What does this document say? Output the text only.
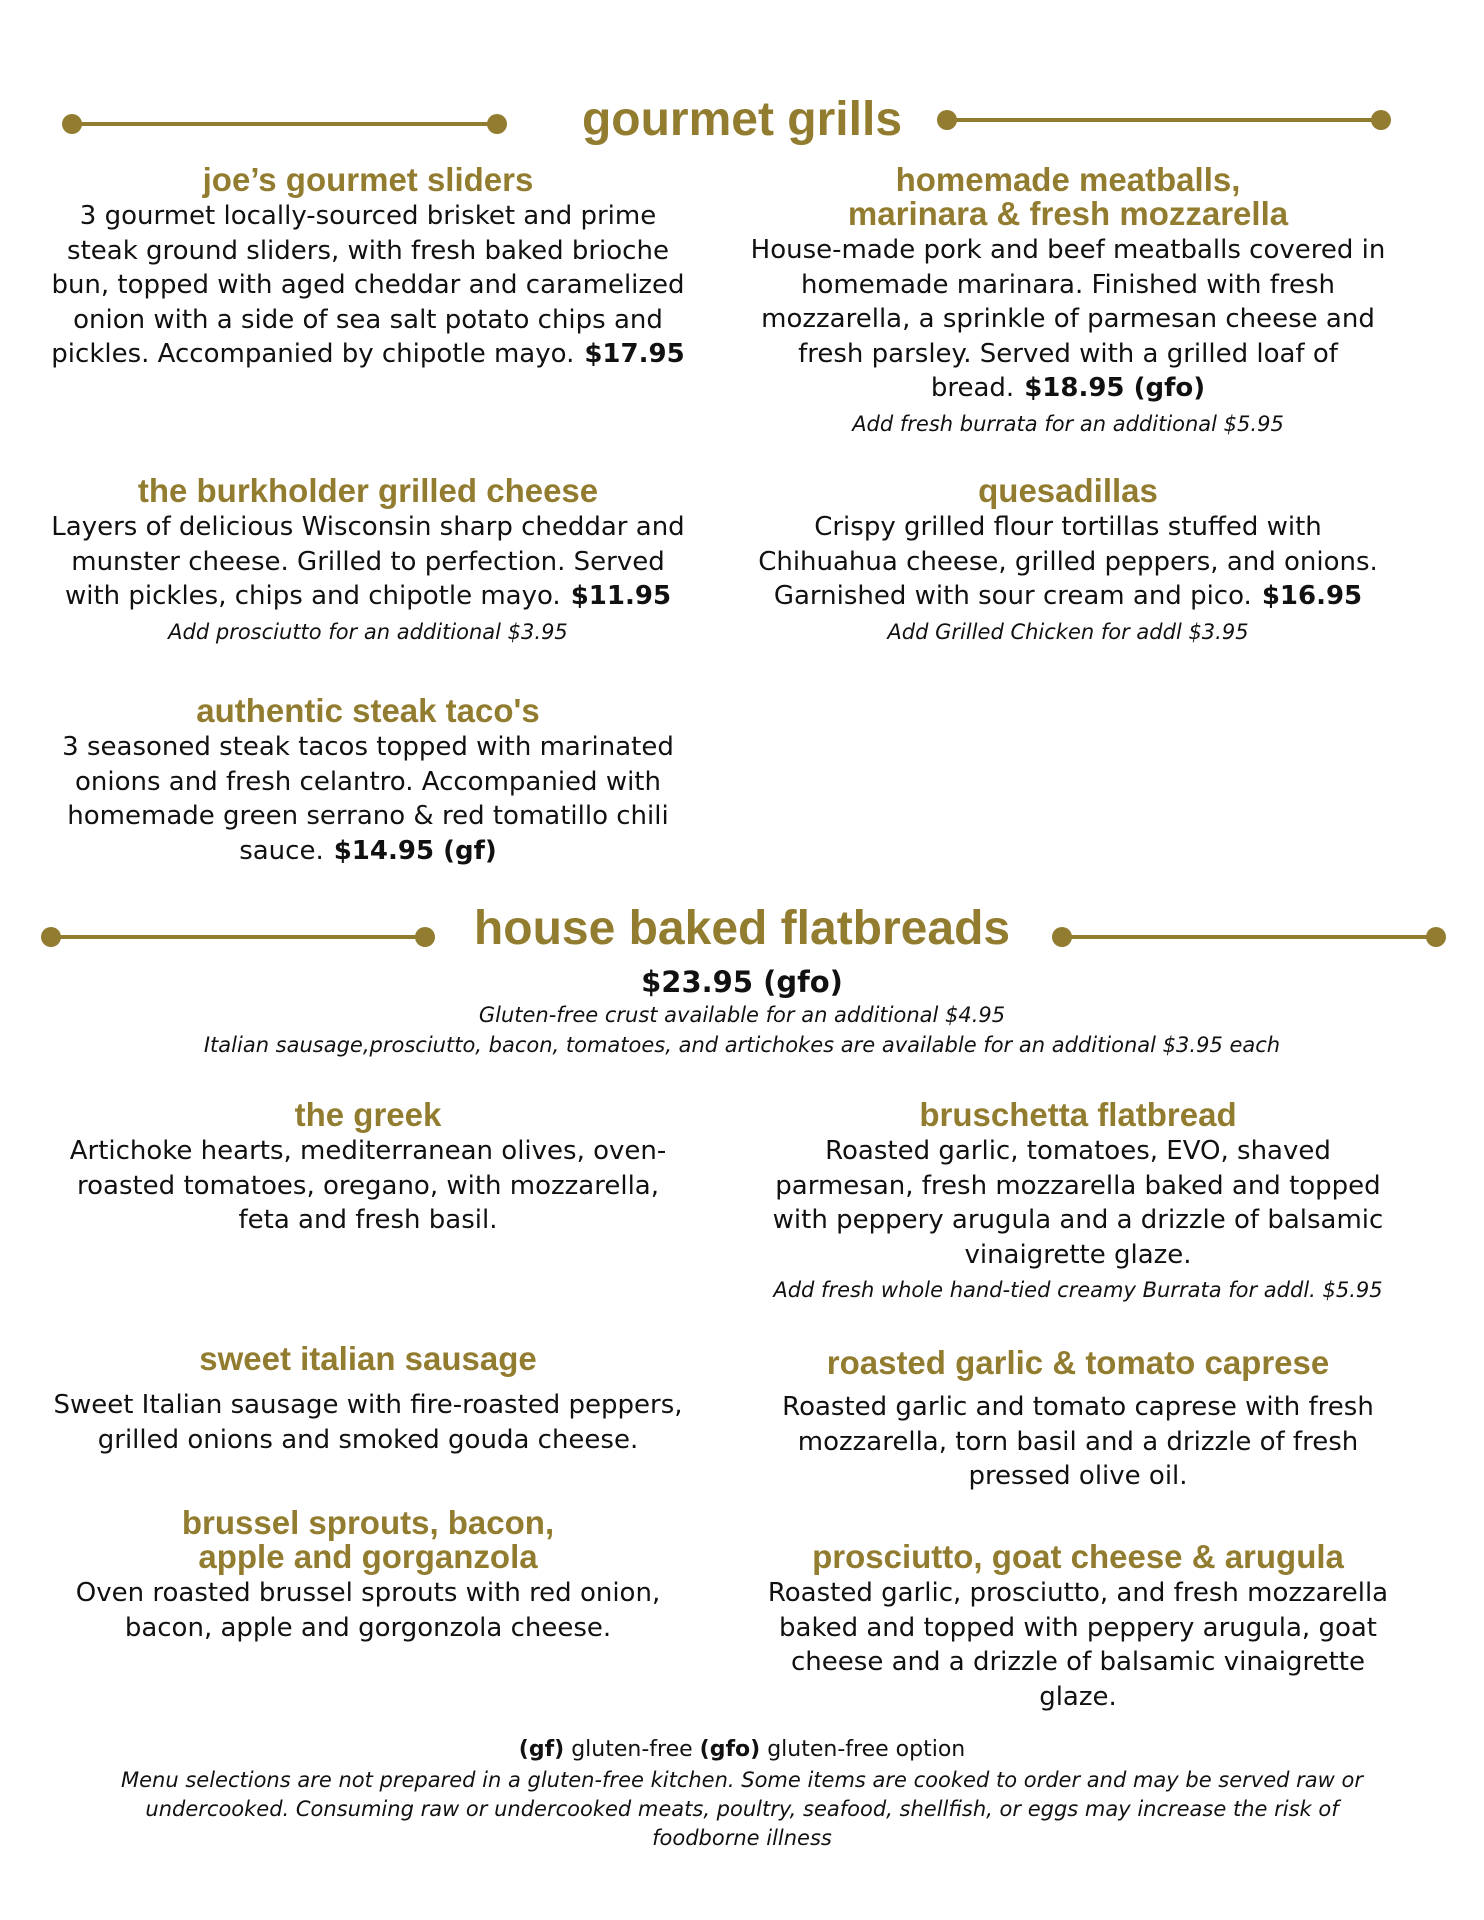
gourmet grills
joe’s gourmet sliders

3 gourmet locally-sourced brisket and prime steak ground sliders, with fresh baked brioche bun, topped with aged cheddar and caramelized onion with a side of sea salt potato chips and pickles. Accompanied by chipotle mayo. $17.95

homemade meatballs,
marinara & fresh mozzarella

House-made pork and beef meatballs covered in homemade marinara. Finished with fresh mozzarella, a sprinkle of parmesan cheese and fresh parsley. Served with a grilled loaf of bread. $18.95 (gfo)

Add fresh burrata for an additional $5.95
the burkholder grilled cheese

Layers of delicious Wisconsin sharp cheddar and munster cheese. Grilled to perfection. Served with pickles, chips and chipotle mayo. $11.95

Add prosciutto for an additional $3.95
quesadillas

Crispy grilled flour tortillas stuffed with Chihuahua cheese, grilled peppers, and onions. Garnished with sour cream and pico. $16.95

Add Grilled Chicken for addl $3.95
authentic steak taco's

3 seasoned steak tacos topped with marinated onions and fresh celantro. Accompanied with homemade green serrano & red tomatillo chili sauce. $14.95 (gf)

house baked flatbreads
$23.95 (gfo)
Gluten-free crust available for an additional $4.95
Italian sausage,prosciutto, bacon, tomatoes, and artichokes are available for an additional $3.95 each
the greek

Artichoke hearts, mediterranean olives, oven-roasted tomatoes, oregano, with mozzarella, feta and fresh basil.

bruschetta flatbread

Roasted garlic, tomatoes, EVO, shaved parmesan, fresh mozzarella baked and topped with peppery arugula and a drizzle of balsamic vinaigrette glaze.

Add fresh whole hand-tied creamy Burrata for addl. $5.95
sweet italian sausage

Sweet Italian sausage with fire-roasted peppers, grilled onions and smoked gouda cheese.

roasted garlic & tomato caprese

Roasted garlic and tomato caprese with fresh mozzarella, torn basil and a drizzle of fresh pressed olive oil.

brussel sprouts, bacon,
apple and gorganzola

Oven roasted brussel sprouts with red onion, bacon, apple and gorgonzola cheese.

prosciutto, goat cheese & arugula

Roasted garlic, prosciutto, and fresh mozzarella baked and topped with peppery arugula, goat cheese and a drizzle of balsamic vinaigrette glaze.

(gf) gluten-free (gfo) gluten-free option
Menu selections are not prepared in a gluten-free kitchen. Some items are cooked to order and may be served raw or undercooked. Consuming raw or undercooked meats, poultry, seafood, shellfish, or eggs may increase the risk of foodborne illness
